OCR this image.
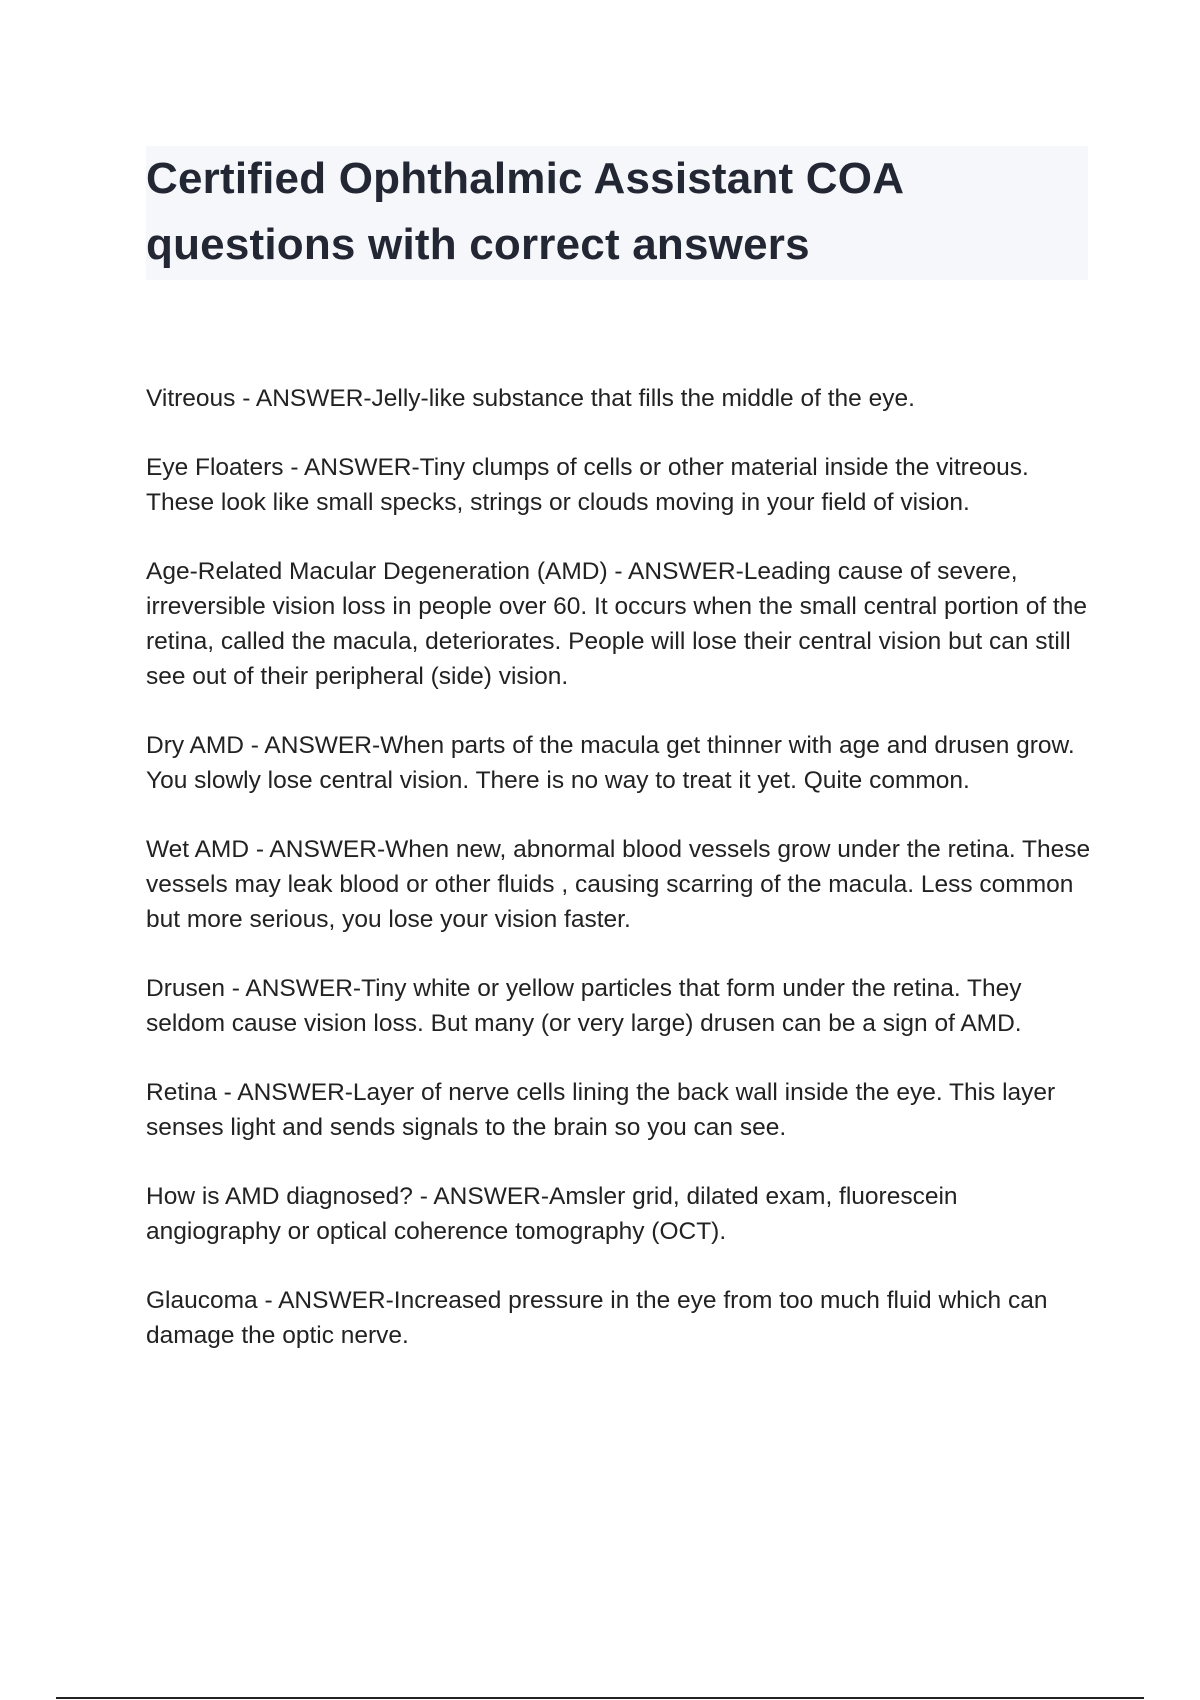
Certified Ophthalmic Assistant COA questions with correct answers

Vitreous - ANSWER-Jelly-like substance that fills the middle of the eye.

Eye Floaters - ANSWER-Tiny clumps of cells or other material inside the vitreous. These look like small specks, strings or clouds moving in your field of vision.

Age-Related Macular Degeneration (AMD) - ANSWER-Leading cause of severe, irreversible vision loss in people over 60. It occurs when the small central portion of the retina, called the macula, deteriorates. People will lose their central vision but can still see out of their peripheral (side) vision.

Dry AMD - ANSWER-When parts of the macula get thinner with age and drusen grow. You slowly lose central vision. There is no way to treat it yet. Quite common.

Wet AMD - ANSWER-When new, abnormal blood vessels grow under the retina. These vessels may leak blood or other fluids , causing scarring of the macula. Less common but more serious, you lose your vision faster.

Drusen - ANSWER-Tiny white or yellow particles that form under the retina. They seldom cause vision loss. But many (or very large) drusen can be a sign of AMD.

Retina - ANSWER-Layer of nerve cells lining the back wall inside the eye. This layer senses light and sends signals to the brain so you can see.

How is AMD diagnosed? - ANSWER-Amsler grid, dilated exam, fluorescein angiography or optical coherence tomography (OCT).

Glaucoma - ANSWER-Increased pressure in the eye from too much fluid which can damage the optic nerve.
